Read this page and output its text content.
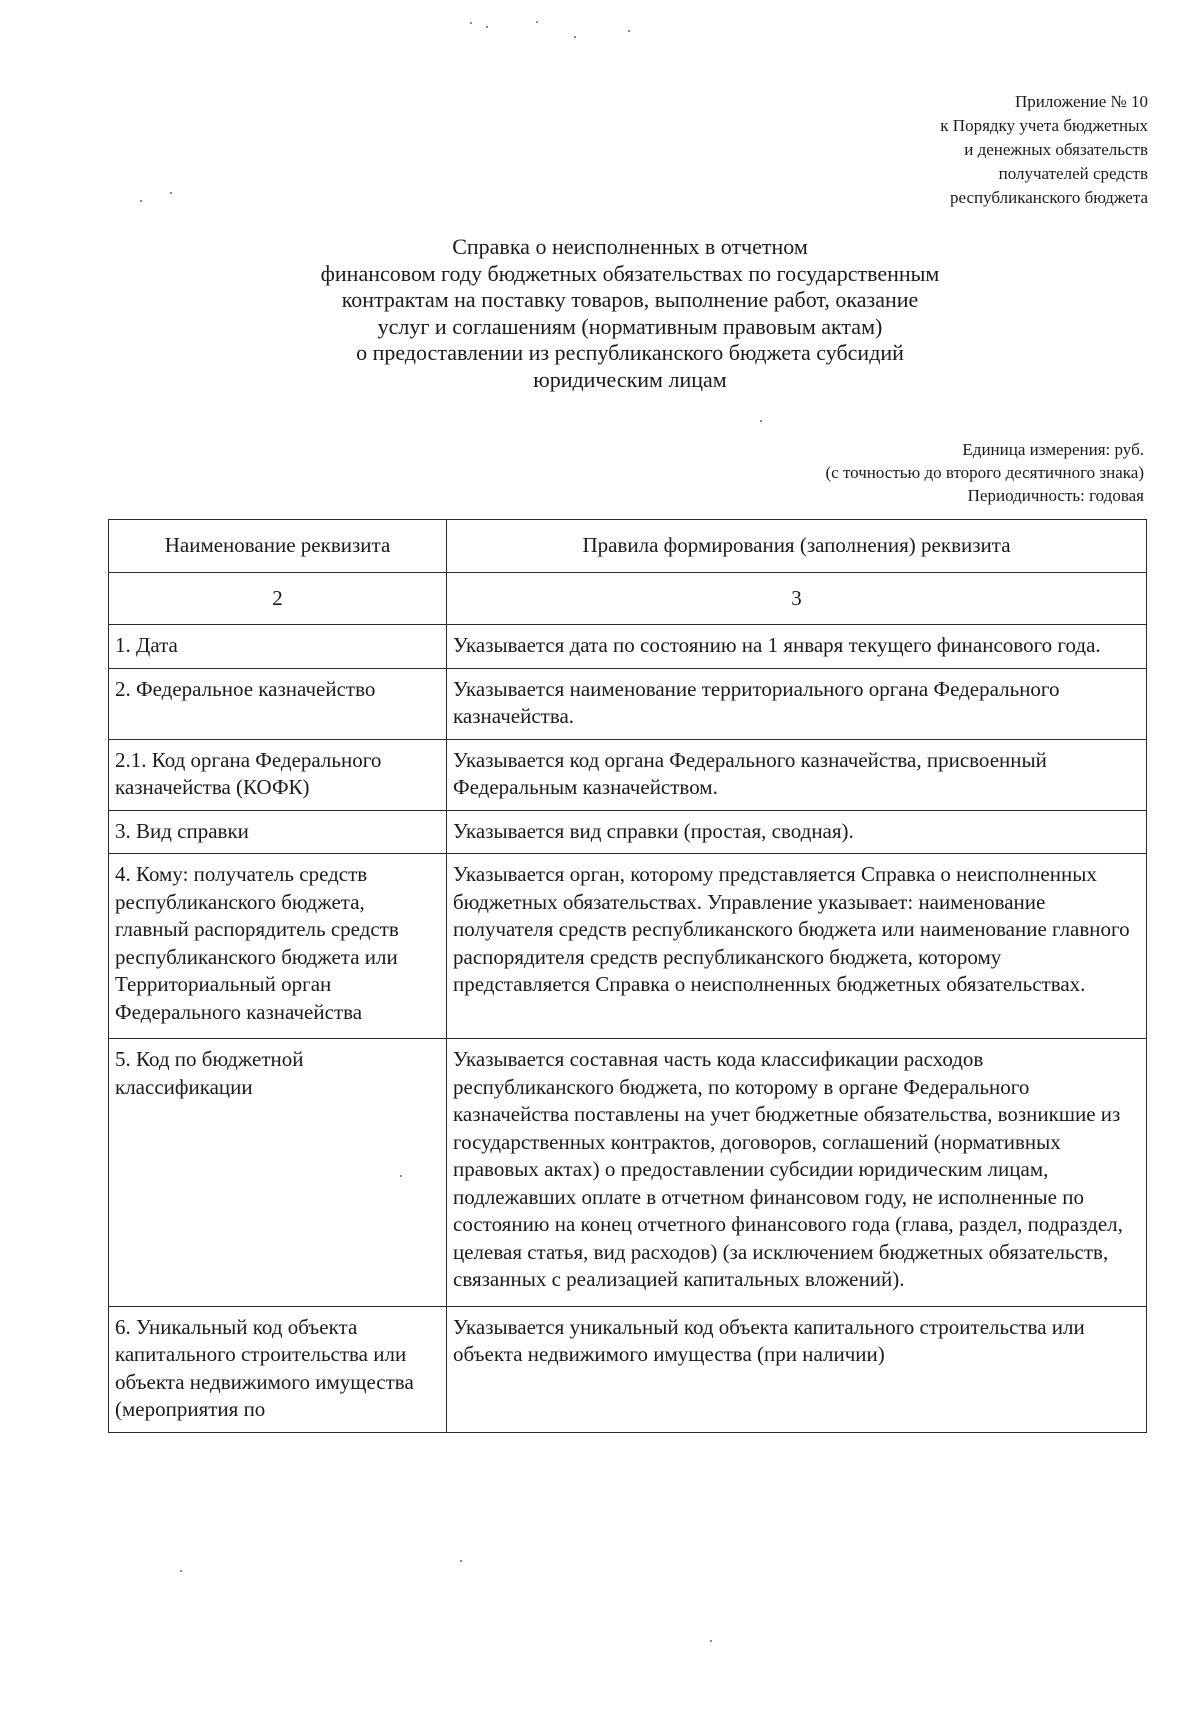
Приложение № 10
к Порядку учета бюджетных
и денежных обязательств
получателей средств
республиканского бюджета
Справка о неисполненных в отчетном
финансовом году бюджетных обязательствах по государственным
контрактам на поставку товаров, выполнение работ, оказание
услуг и соглашениям (нормативным правовым актам)
о предоставлении из республиканского бюджета субсидий
юридическим лицам
Единица измерения: руб.
(с точностью до второго десятичного знака)
Периодичность: годовая
Наименование реквизита	Правила формирования (заполнения) реквизита
2	3
1. Дата	Указывается дата по состоянию на 1 января текущего финансового года.
2. Федеральное казначейство	Указывается наименование территориального органа Федерального казначейства.
2.1. Код органа Федерального казначейства (КОФК)	Указывается код органа Федерального казначейства, присвоенный Федеральным казначейством.
3. Вид справки	Указывается вид справки (простая, сводная).
4. Кому: получатель средств республиканского бюджета, главный распорядитель средств республиканского бюджета или Территориальный орган Федерального казначейства	Указывается орган, которому представляется Справка о неисполненных бюджетных обязательствах. Управление указывает: наименование получателя средств республиканского бюджета или наименование главного распорядителя средств республиканского бюджета, которому представляется Справка о неисполненных бюджетных обязательствах.
5. Код по бюджетной классификации	Указывается составная часть кода классификации расходов республиканского бюджета, по которому в органе Федерального казначейства поставлены на учет бюджетные обязательства, возникшие из государственных контрактов, договоров, соглашений (нормативных правовых актах) о предоставлении субсидии юридическим лицам, подлежавших оплате в отчетном финансовом году, не исполненные по состоянию на конец отчетного финансового года (глава, раздел, подраздел, целевая статья, вид расходов) (за исключением бюджетных обязательств, связанных с реализацией капитальных вложений).
6. Уникальный код объекта капитального строительства или объекта недвижимого имущества (мероприятия по	Указывается уникальный код объекта капитального строительства или объекта недвижимого имущества (при наличии)
